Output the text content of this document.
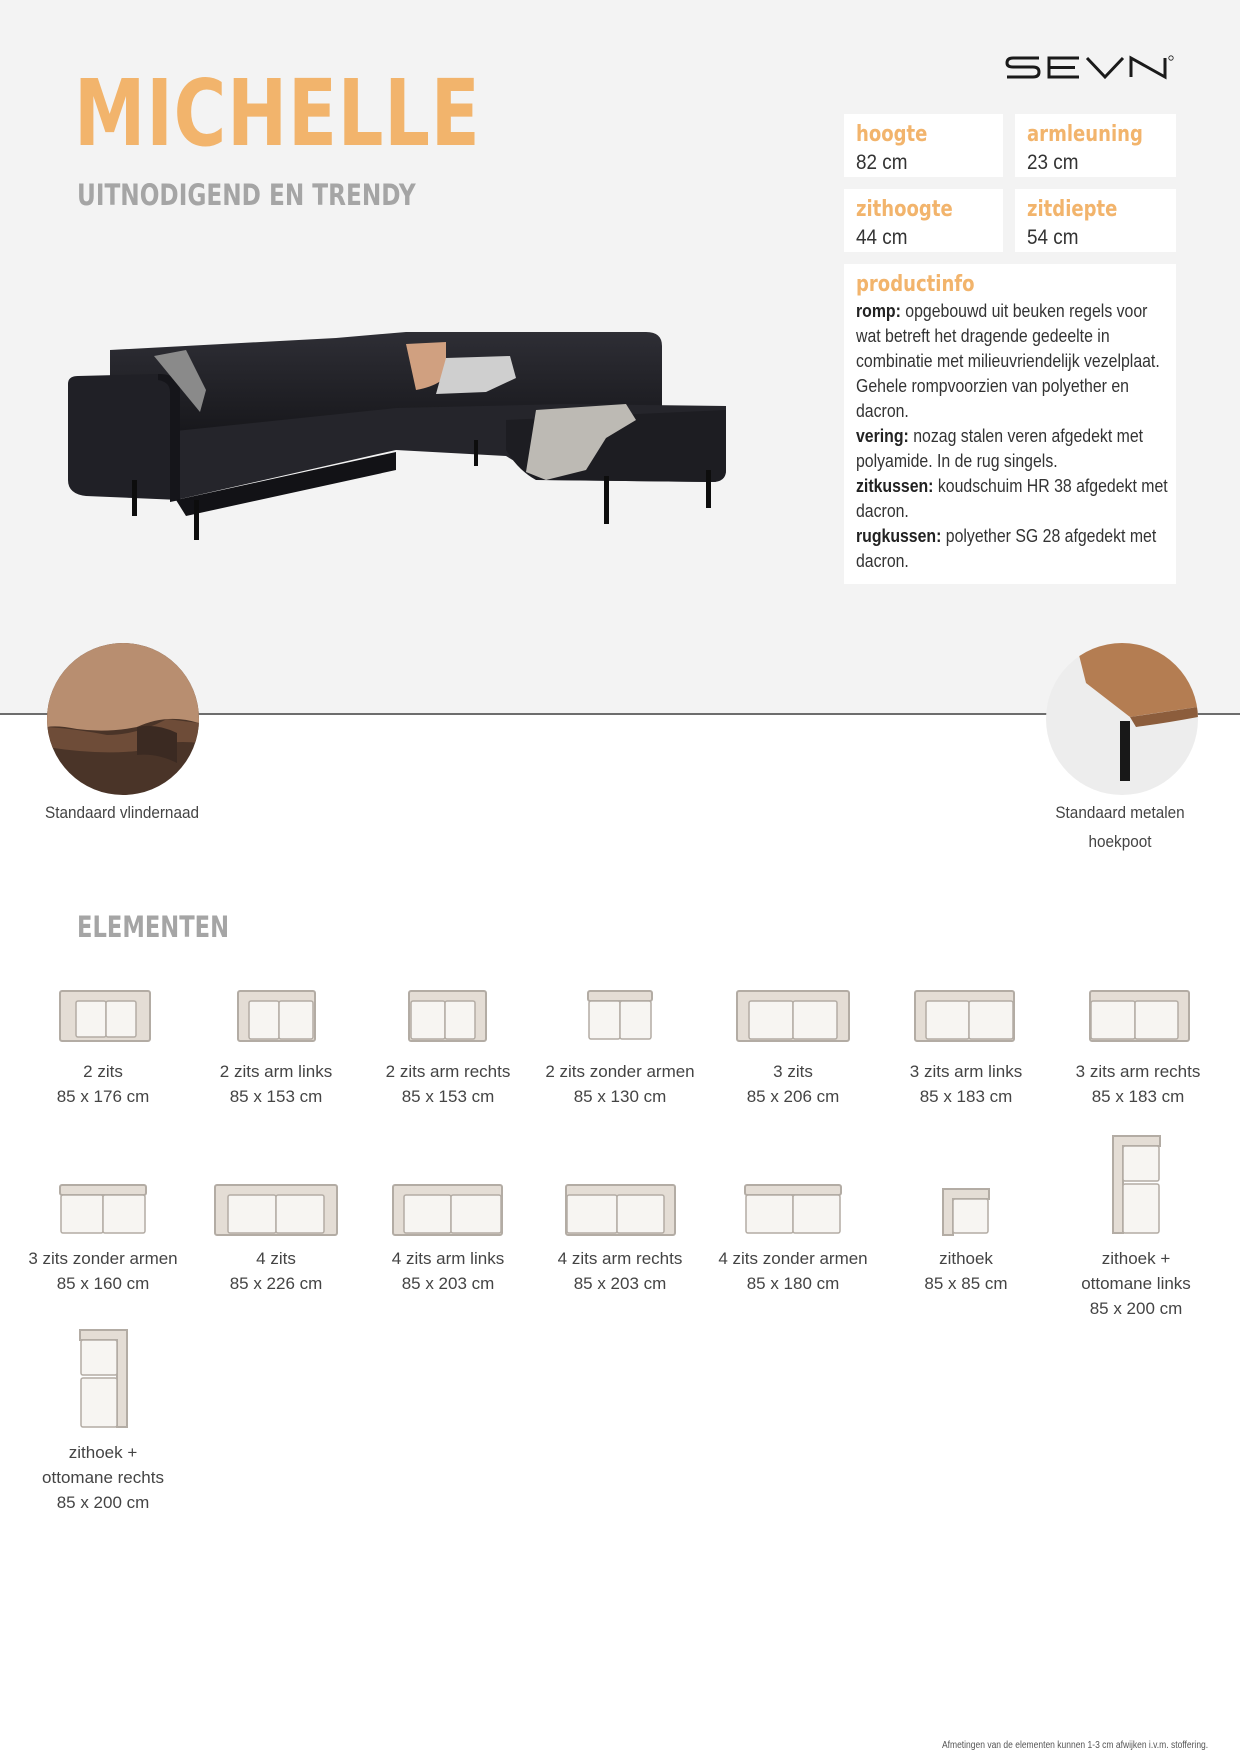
MICHELLE
UITNODIGEND EN TRENDY
hoogte
82 cm
armleuning
23 cm
zithoogte
44 cm
zitdiepte
54 cm
productinfo
romp: opgebouwd uit beuken regels voor wat betreft het dragende gedeelte in combinatie met milieuvriendelijk vezelplaat. Gehele rompvoorzien van polyether en dacron.
vering: nozag stalen veren afgedekt met polyamide. In de rug singels.
zitkussen: koudschuim HR 38 afgedekt met dacron.
rugkussen: polyether SG 28 afgedekt met dacron.
Standaard vlindernaad	Standaard metalen
hoekpoot
ELEMENTEN
2 zits
85 x 176 cm
2 zits arm links
85 x 153 cm
2 zits arm rechts
85 x 153 cm
2 zits zonder armen
85 x 130 cm
3 zits
85 x 206 cm
3 zits arm links
85 x 183 cm
3 zits arm rechts
85 x 183 cm
3 zits zonder armen
85 x 160 cm
4 zits
85 x 226 cm
4 zits arm links
85 x 203 cm
4 zits arm rechts
85 x 203 cm
4 zits zonder armen
85 x 180 cm
zithoek
85 x 85 cm
zithoek +
ottomane links
85 x 200 cm
zithoek +
ottomane rechts
85 x 200 cm
Afmetingen van de elementen kunnen 1-3 cm afwijken i.v.m. stoffering.
